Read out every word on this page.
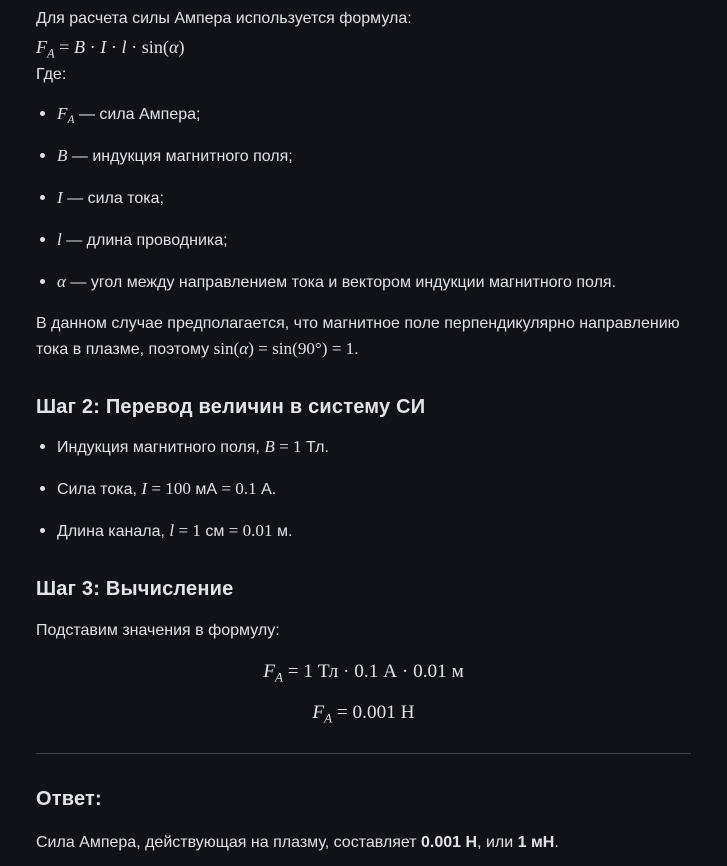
Для расчета силы Ампера используется формула:

$F_A = B \cdot I \cdot l \cdot \sin(\alpha)$

Где:

$F_A$ — сила Ампера;
B — индукция магнитного поля;
I — сила тока;
l — длина проводника;
α — угол между направлением тока и вектором индукции магнитного поля.

В данном случае предполагается, что магнитное поле перпендикулярно направлению тока в плазме, поэтому sin(α) = sin(90°) = 1.

Шаг 2: Перевод величин в систему СИ
Индукция магнитного поля, B = 1 Тл.
Сила тока, I = 100 мА = 0.1 А.
Длина канала, l = 1 см = 0.01 м.
Шаг 3: Вычисление

Подставим значения в формулу:

$F_A = 1$ Тл · 0.1 А · 0.01 м
$F_A = 0.001$ Н
Ответ:

Сила Ампера, действующая на плазму, составляет 0.001 Н, или 1 мН.
